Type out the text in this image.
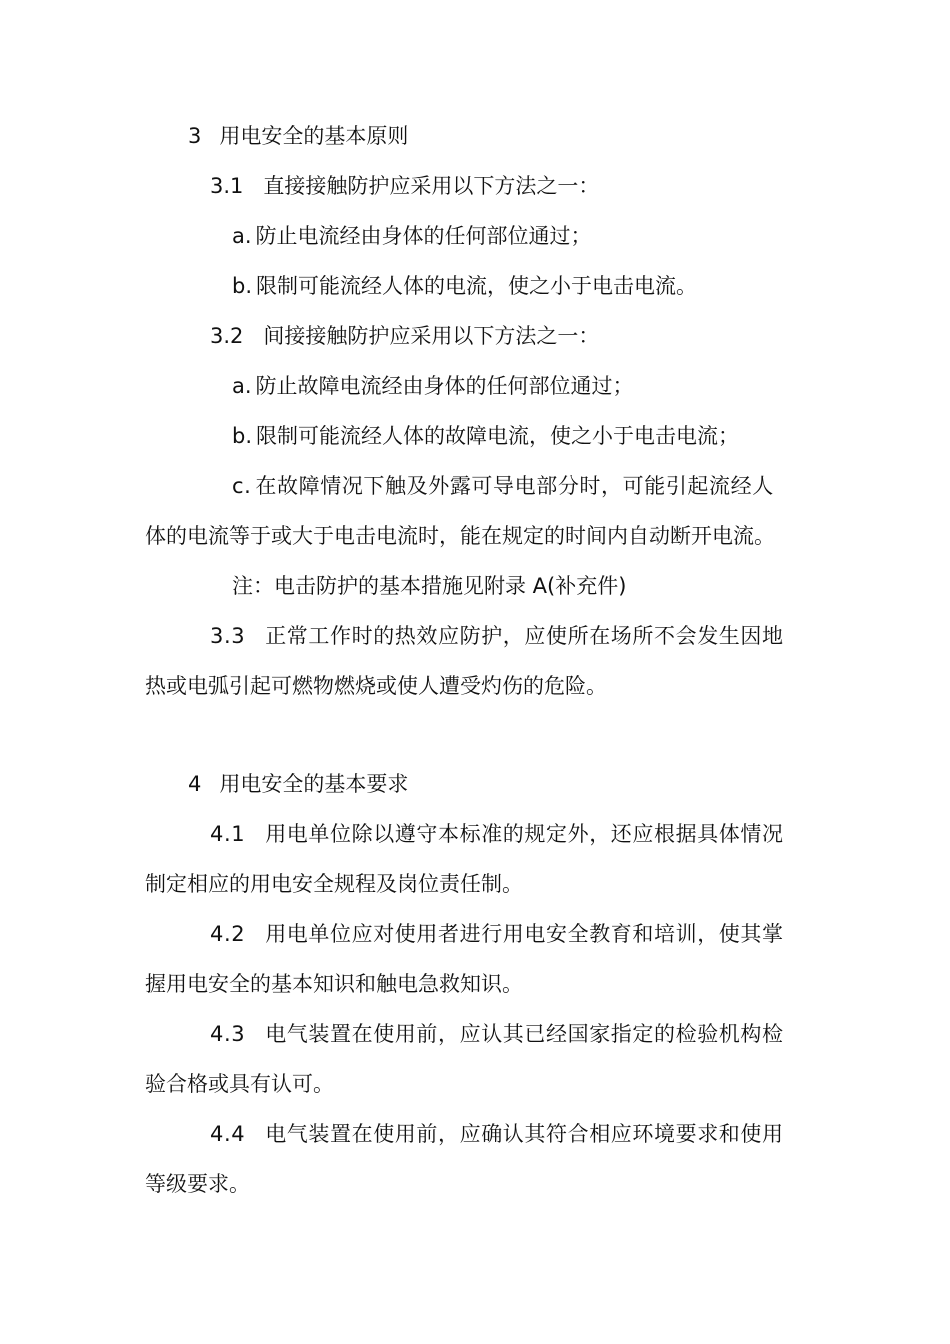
3 用电安全的基本原则
3.1 直接接触防护应采用以下方法之一：
a. 防止电流经由身体的任何部位通过；
b. 限制可能流经人体的电流，使之小于电击电流。
3.2 间接接触防护应采用以下方法之一：
a. 防止故障电流经由身体的任何部位通过；
b. 限制可能流经人体的故障电流，使之小于电击电流；
c. 在故障情况下触及外露可导电部分时，可能引起流经人
体的电流等于或大于电击电流时，能在规定的时间内自动断开电流。
注：电击防护的基本措施见附录 A(补充件)
3.3 正常工作时的热效应防护，应使所在场所不会发生因地
热或电弧引起可燃物燃烧或使人遭受灼伤的危险。
4 用电安全的基本要求
4.1 用电单位除以遵守本标准的规定外，还应根据具体情况
制定相应的用电安全规程及岗位责任制。
4.2 用电单位应对使用者进行用电安全教育和培训，使其掌
握用电安全的基本知识和触电急救知识。
4.3 电气装置在使用前，应认其已经国家指定的检验机构检
验合格或具有认可。
4.4 电气装置在使用前，应确认其符合相应环境要求和使用
等级要求。
